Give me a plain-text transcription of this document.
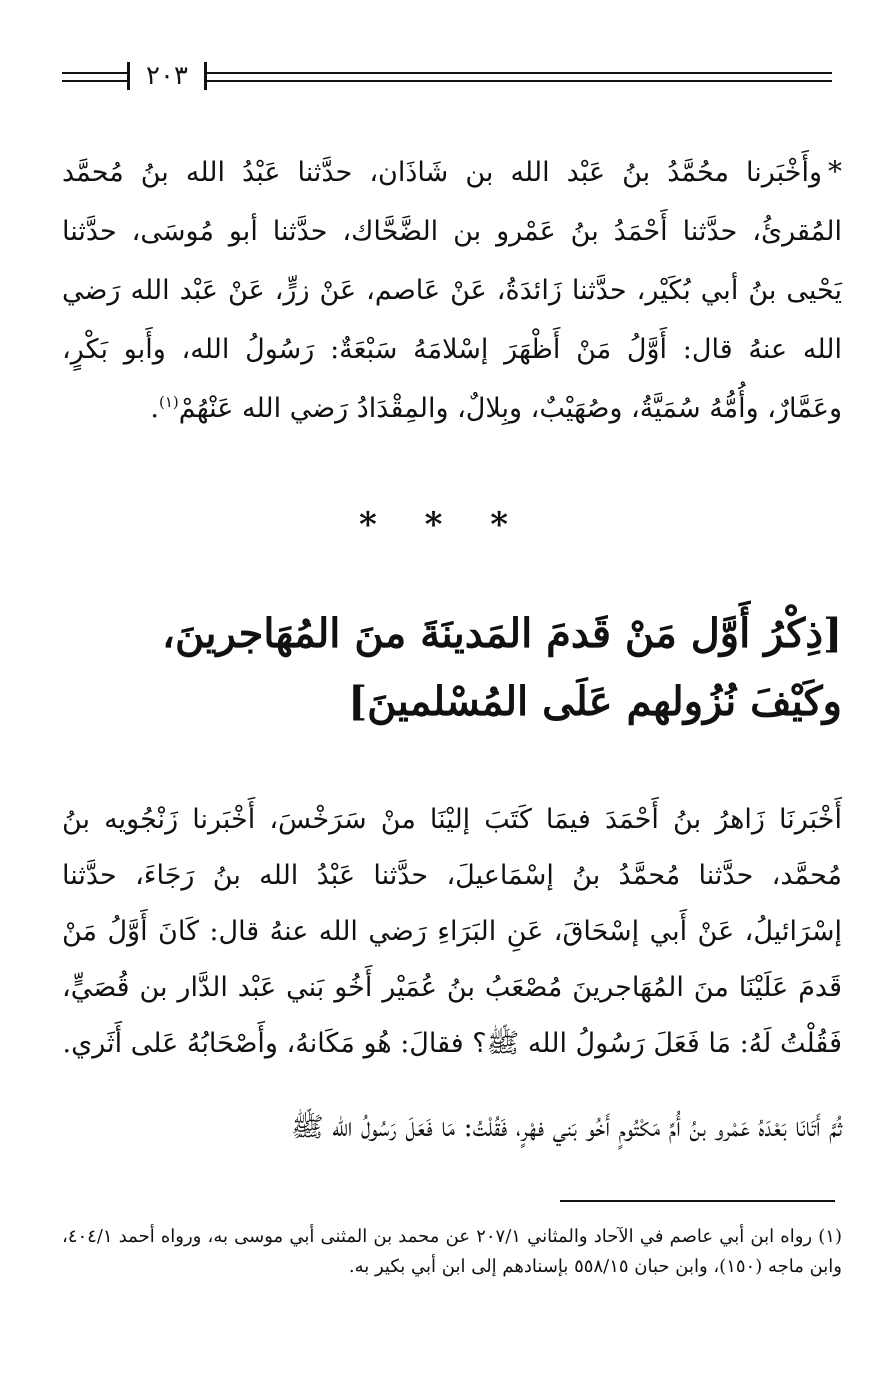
٢٠٣
*وأَخْبَرنا محُمَّدُ بنُ عَبْد الله بن شَاذَان، حدَّثنا عَبْدُ الله بنُ مُحمَّد المُقرئُ، حدَّثنا أَحْمَدُ بنُ عَمْرو بن الضَّحَّاك، حدَّثنا أبو مُوسَى، حدَّثنا يَحْيى بنُ أبي بُكَيْر، حدَّثنا زَائدَةُ، عَنْ عَاصم، عَنْ زرٍّ، عَنْ عَبْد الله رَضي الله عنهُ قال: أَوَّلُ مَنْ أَظْهَرَ إسْلامَهُ سَبْعَةٌ: رَسُولُ الله، وأَبو بَكْرٍ، وعَمَّارٌ، وأُمُّهُ سُمَيَّةُ، وصُهَيْبٌ، وبِلالٌ، والمِقْدَادُ رَضي الله عَنْهُمْ$^{(١)}$.
* * *
[ذِكْرُ أَوَّل مَنْ قَدمَ المَدينَةَ منَ المُهَاجرينَ، وكَيْفَ نُزُولهم عَلَى المُسْلمينَ]
أَخْبَرنَا زَاهرُ بنُ أَحْمَدَ فيمَا كَتَبَ إليْنَا منْ سَرَخْسَ، أَخْبَرنا زَنْجُويه بنُ مُحمَّد، حدَّثنا مُحمَّدُ بنُ إسْمَاعيلَ، حدَّثنا عَبْدُ الله بنُ رَجَاءَ، حدَّثنا إسْرَائيلُ، عَنْ أَبي إسْحَاقَ، عَنِ البَرَاءِ رَضي الله عنهُ قال: كَانَ أَوَّلُ مَنْ قَدمَ عَلَيْنَا منَ المُهَاجرينَ مُصْعَبُ بنُ عُمَيْر أَخُو بَني عَبْد الدَّار بن قُصَيٍّ، فَقُلْتُ لَهُ: مَا فَعَلَ رَسُولُ الله ﷺ؟ فقالَ: هُو مَكَانهُ، وأَصْحَابُهُ عَلى أَثَري.
ثُمَّ أَتَانَا بَعْدَهُ عَمْرو بنُ أُمِّ مَكْتُومٍ أَخُو بَني فهْرٍ، فَقُلْتُ: مَا فَعَلَ رَسُولُ الله ﷺ
(١) رواه ابن أبي عاصم في الآحاد والمثاني ٢٠٧/١ عن محمد بن المثنى أبي موسى به، ورواه أحمد ٤٠٤/١، وابن ماجه (١٥٠)، وابن حبان ٥٥٨/١٥ بإسنادهم إلى ابن أبي بكير به.
